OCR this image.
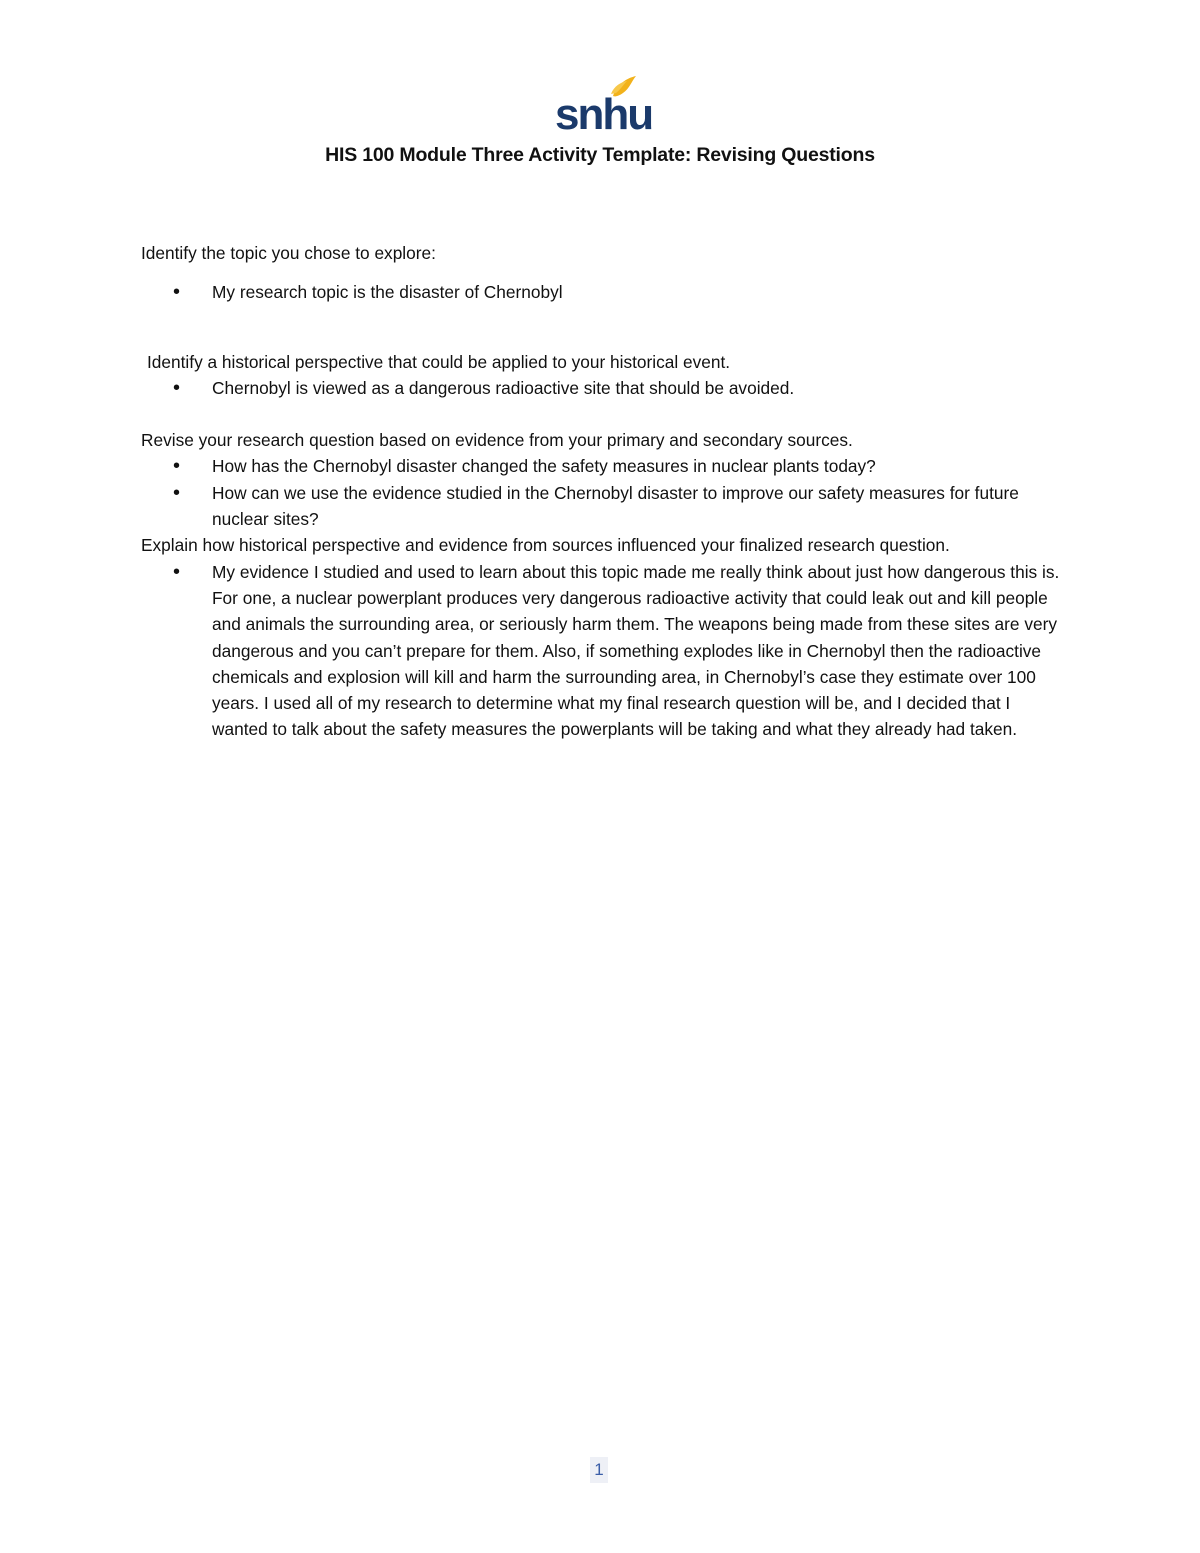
snhu
HIS 100 Module Three Activity Template: Revising Questions

Identify the topic you chose to explore:

• My research topic is the disaster of Chernobyl

Identify a historical perspective that could be applied to your historical event.

• Chernobyl is viewed as a dangerous radioactive site that should be avoided.

Revise your research question based on evidence from your primary and secondary sources.

• How has the Chernobyl disaster changed the safety measures in nuclear plants today?
• How can we use the evidence studied in the Chernobyl disaster to improve our safety measures for future nuclear sites?

Explain how historical perspective and evidence from sources influenced your finalized research question.

• My evidence I studied and used to learn about this topic made me really think about just how dangerous this is. For one, a nuclear powerplant produces very dangerous radioactive activity that could leak out and kill people and animals the surrounding area, or seriously harm them. The weapons being made from these sites are very dangerous and you can’t prepare for them. Also, if something explodes like in Chernobyl then the radioactive chemicals and explosion will kill and harm the surrounding area, in Chernobyl’s case they estimate over 100 years. I used all of my research to determine what my final research question will be, and I decided that I wanted to talk about the safety measures the powerplants will be taking and what they already had taken.
1
